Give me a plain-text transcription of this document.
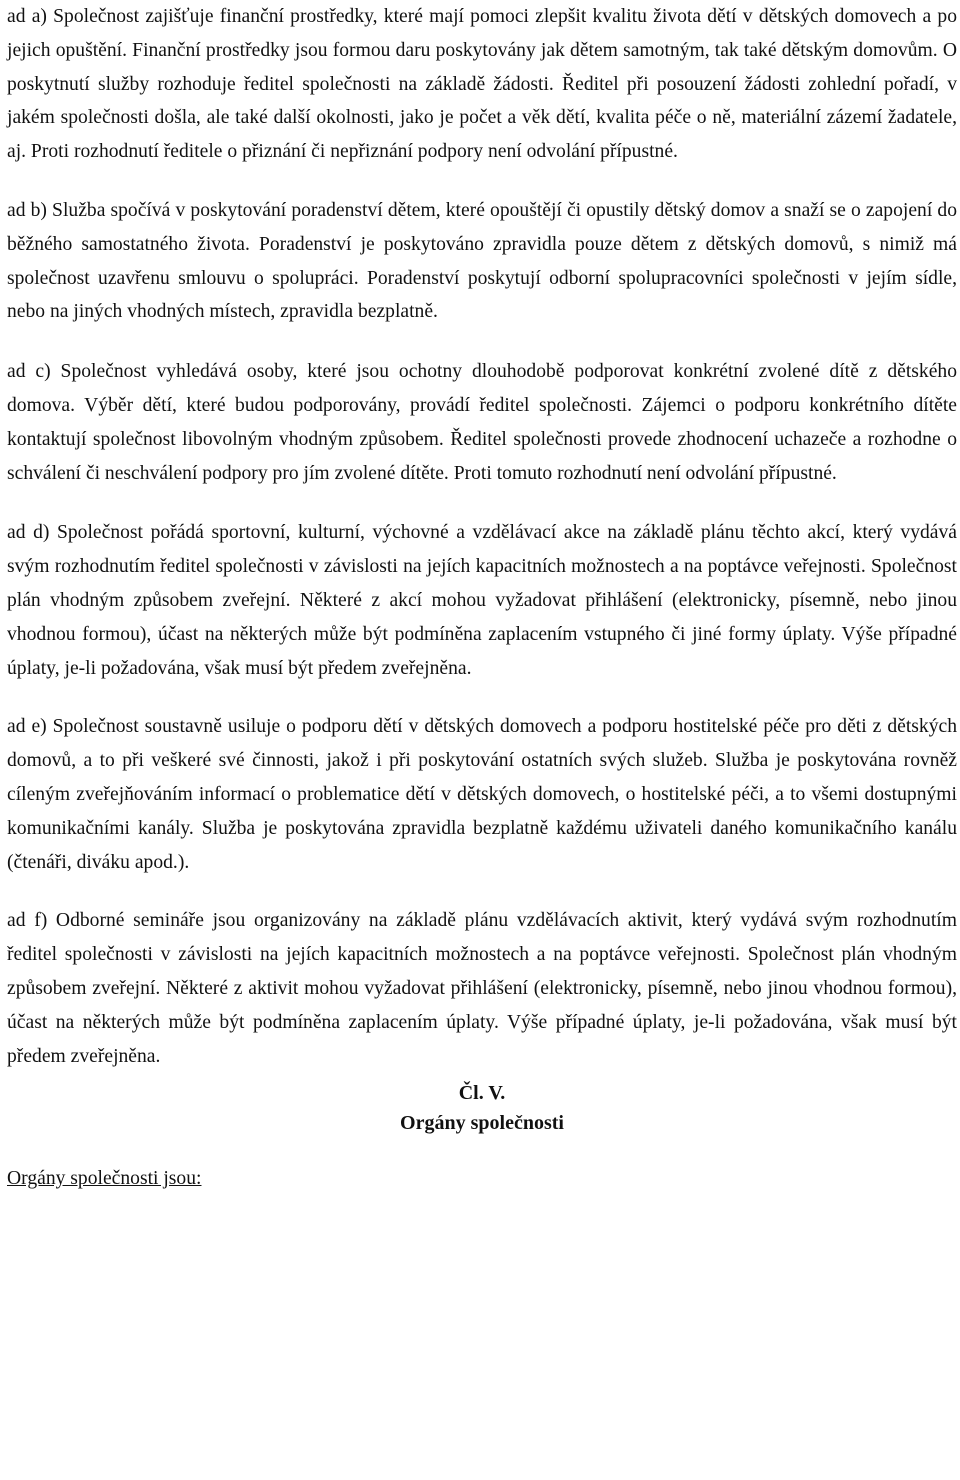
ad a) Společnost zajišťuje finanční prostředky, které mají pomoci zlepšit kvalitu života dětí v dětských domovech a po jejich opuštění. Finanční prostředky jsou formou daru poskytovány jak dětem samotným, tak také dětským domovům. O poskytnutí služby rozhoduje ředitel společnosti na základě žádosti. Ředitel při posouzení žádosti zohlední pořadí, v jakém společnosti došla, ale také další okolnosti, jako je počet a věk dětí, kvalita péče o ně, materiální zázemí žadatele, aj. Proti rozhodnutí ředitele o přiznání či nepřiznání podpory není odvolání přípustné.

ad b) Služba spočívá v poskytování poradenství dětem, které opouštějí či opustily dětský domov a snaží se o zapojení do běžného samostatného života. Poradenství je poskytováno zpravidla pouze dětem z dětských domovů, s nimiž má společnost uzavřenu smlouvu o spolupráci. Poradenství poskytují odborní spolupracovníci společnosti v jejím sídle, nebo na jiných vhodných místech, zpravidla bezplatně.

ad c) Společnost vyhledává osoby, které jsou ochotny dlouhodobě podporovat konkrétní zvolené dítě z dětského domova. Výběr dětí, které budou podporovány, provádí ředitel společnosti. Zájemci o podporu konkrétního dítěte kontaktují společnost libovolným vhodným způsobem. Ředitel společnosti provede zhodnocení uchazeče a rozhodne o schválení či neschválení podpory pro jím zvolené dítěte. Proti tomuto rozhodnutí není odvolání přípustné.

ad d) Společnost pořádá sportovní, kulturní, výchovné a vzdělávací akce na základě plánu těchto akcí, který vydává svým rozhodnutím ředitel společnosti v závislosti na jejích kapacitních možnostech a na poptávce veřejnosti. Společnost plán vhodným způsobem zveřejní. Některé z akcí mohou vyžadovat přihlášení (elektronicky, písemně, nebo jinou vhodnou formou), účast na některých může být podmíněna zaplacením vstupného či jiné formy úplaty. Výše případné úplaty, je-li požadována, však musí být předem zveřejněna.

ad e) Společnost soustavně usiluje o podporu dětí v dětských domovech a podporu hostitelské péče pro děti z dětských domovů, a to při veškeré své činnosti, jakož i při poskytování ostatních svých služeb. Služba je poskytována rovněž cíleným zveřejňováním informací o problematice dětí v dětských domovech, o hostitelské péči, a to všemi dostupnými komunikačními kanály. Služba je poskytována zpravidla bezplatně každému uživateli daného komunikačního kanálu (čtenáři, diváku apod.).

ad f) Odborné semináře jsou organizovány na základě plánu vzdělávacích aktivit, který vydává svým rozhodnutím ředitel společnosti v závislosti na jejích kapacitních možnostech a na poptávce veřejnosti. Společnost plán vhodným způsobem zveřejní. Některé z aktivit mohou vyžadovat přihlášení (elektronicky, písemně, nebo jinou vhodnou formou), účast na některých může být podmíněna zaplacením úplaty. Výše případné úplaty, je-li požadována, však musí být předem zveřejněna.

Čl. V.

Orgány společnosti

Orgány společnosti jsou:
